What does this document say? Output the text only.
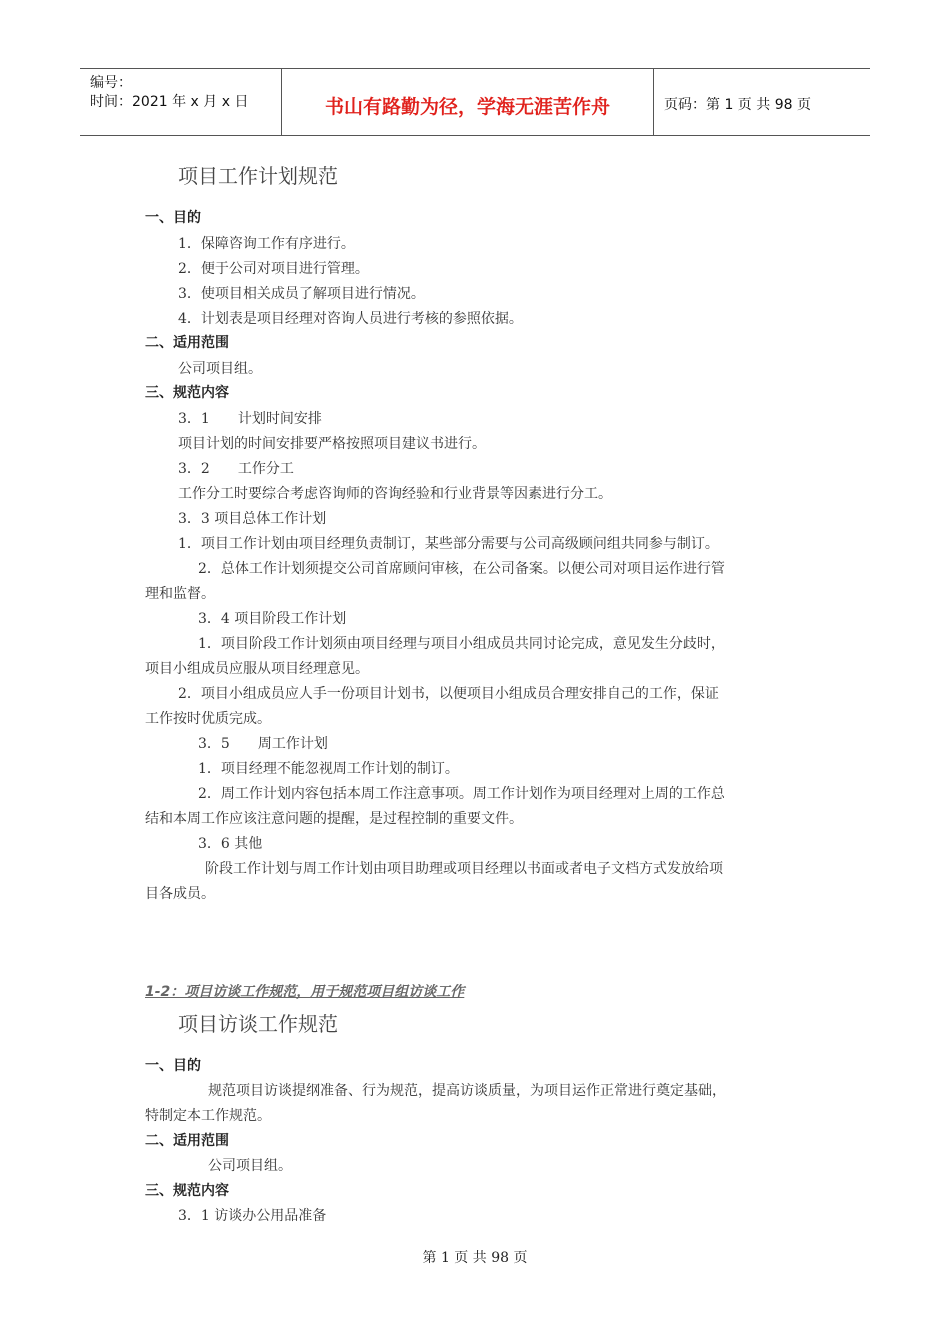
编号：
时间：2021 年 x 月 x 日	书山有路勤为径，学海无涯苦作舟	页码：第 1 页 共 98 页
项目工作计划规范
一、目的
1．保障咨询工作有序进行。
2．便于公司对项目进行管理。
3．使项目相关成员了解项目进行情况。
4．计划表是项目经理对咨询人员进行考核的参照依据。
二、适用范围
公司项目组。
三、规范内容
3．1　　计划时间安排
项目计划的时间安排要严格按照项目建议书进行。
3．2　　工作分工
工作分工时要综合考虑咨询师的咨询经验和行业背景等因素进行分工。
3．3 项目总体工作计划
1．项目工作计划由项目经理负责制订，某些部分需要与公司高级顾问组共同参与制订。
2．总体工作计划须提交公司首席顾问审核，在公司备案。以便公司对项目运作进行管
理和监督。
3．4 项目阶段工作计划
1．项目阶段工作计划须由项目经理与项目小组成员共同讨论完成，意见发生分歧时，
项目小组成员应服从项目经理意见。
2．项目小组成员应人手一份项目计划书，以便项目小组成员合理安排自己的工作，保证
工作按时优质完成。
3．5　　周工作计划
1．项目经理不能忽视周工作计划的制订。
2．周工作计划内容包括本周工作注意事项。周工作计划作为项目经理对上周的工作总
结和本周工作应该注意问题的提醒，是过程控制的重要文件。
3．6 其他
阶段工作计划与周工作计划由项目助理或项目经理以书面或者电子文档方式发放给项
目各成员。
1-2：项目访谈工作规范，用于规范项目组访谈工作
项目访谈工作规范
一、目的
规范项目访谈提纲准备、行为规范，提高访谈质量，为项目运作正常进行奠定基础，
特制定本工作规范。
二、适用范围
公司项目组。
三、规范内容
3．1 访谈办公用品准备
第 1 页 共 98 页
